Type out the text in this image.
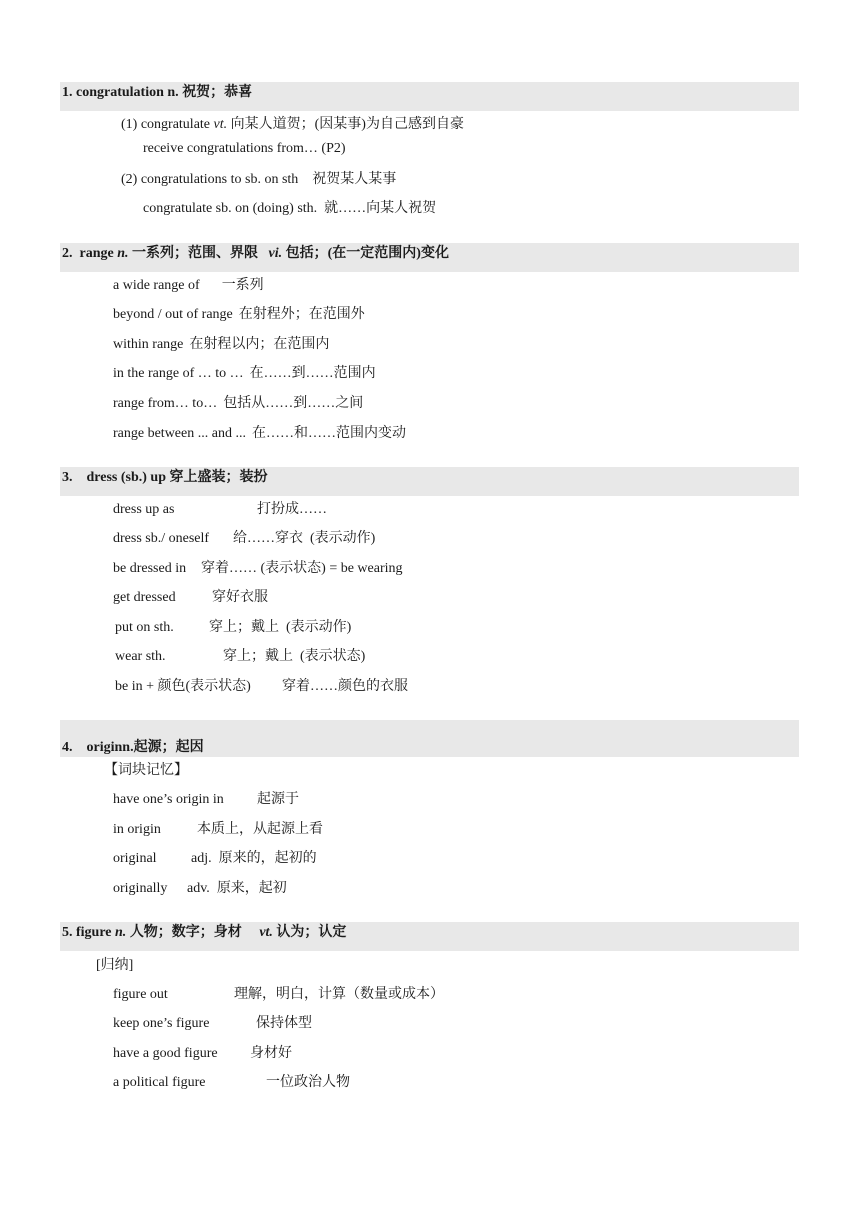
1. congratulation n. 祝贺；恭喜
(1) congratulate vt. 向某人道贺；(因某事)为自己感到自豪
receive congratulations from… (P2)
(2) congratulations to sb. on sth    祝贺某人某事
congratulate sb. on (doing) sth.  就……向某人祝贺
2. range n. 一系列；范围、界限 vi. 包括；(在一定范围内)变化
a wide range of 一系列
beyond / out of range 在射程外；在范围外
within range 在射程以内；在范围内
in the range of … to … 在……到……范围内
range from… to… 包括从……到……之间
range between ... and ... 在……和……范围内变动
3. dress (sb.) up 穿上盛装；装扮
dress up as	打扮成……
dress sb./ oneself 给……穿衣  (表示动作)
be dressed in 穿着…… (表示状态) = be wearing
get dressed	穿好衣服
put on sth.	穿上；戴上  (表示动作)
wear sth.	穿上；戴上  (表示状态)
be in + 颜色(表示状态) 穿着……颜色的衣服
4. originn.起源；起因
【词块记忆】
have one’s origin in 起源于
in origin	本质上，从起源上看
original adj. 原来的，起初的
originally adv. 原来，起初
5. figure n. 人物；数字；身材 vt. 认为；认定
[归纳]
figure out	理解，明白，计算（数量或成本）
keep one’s figure	保持体型
have a good figure 身材好
a political figure	一位政治人物
